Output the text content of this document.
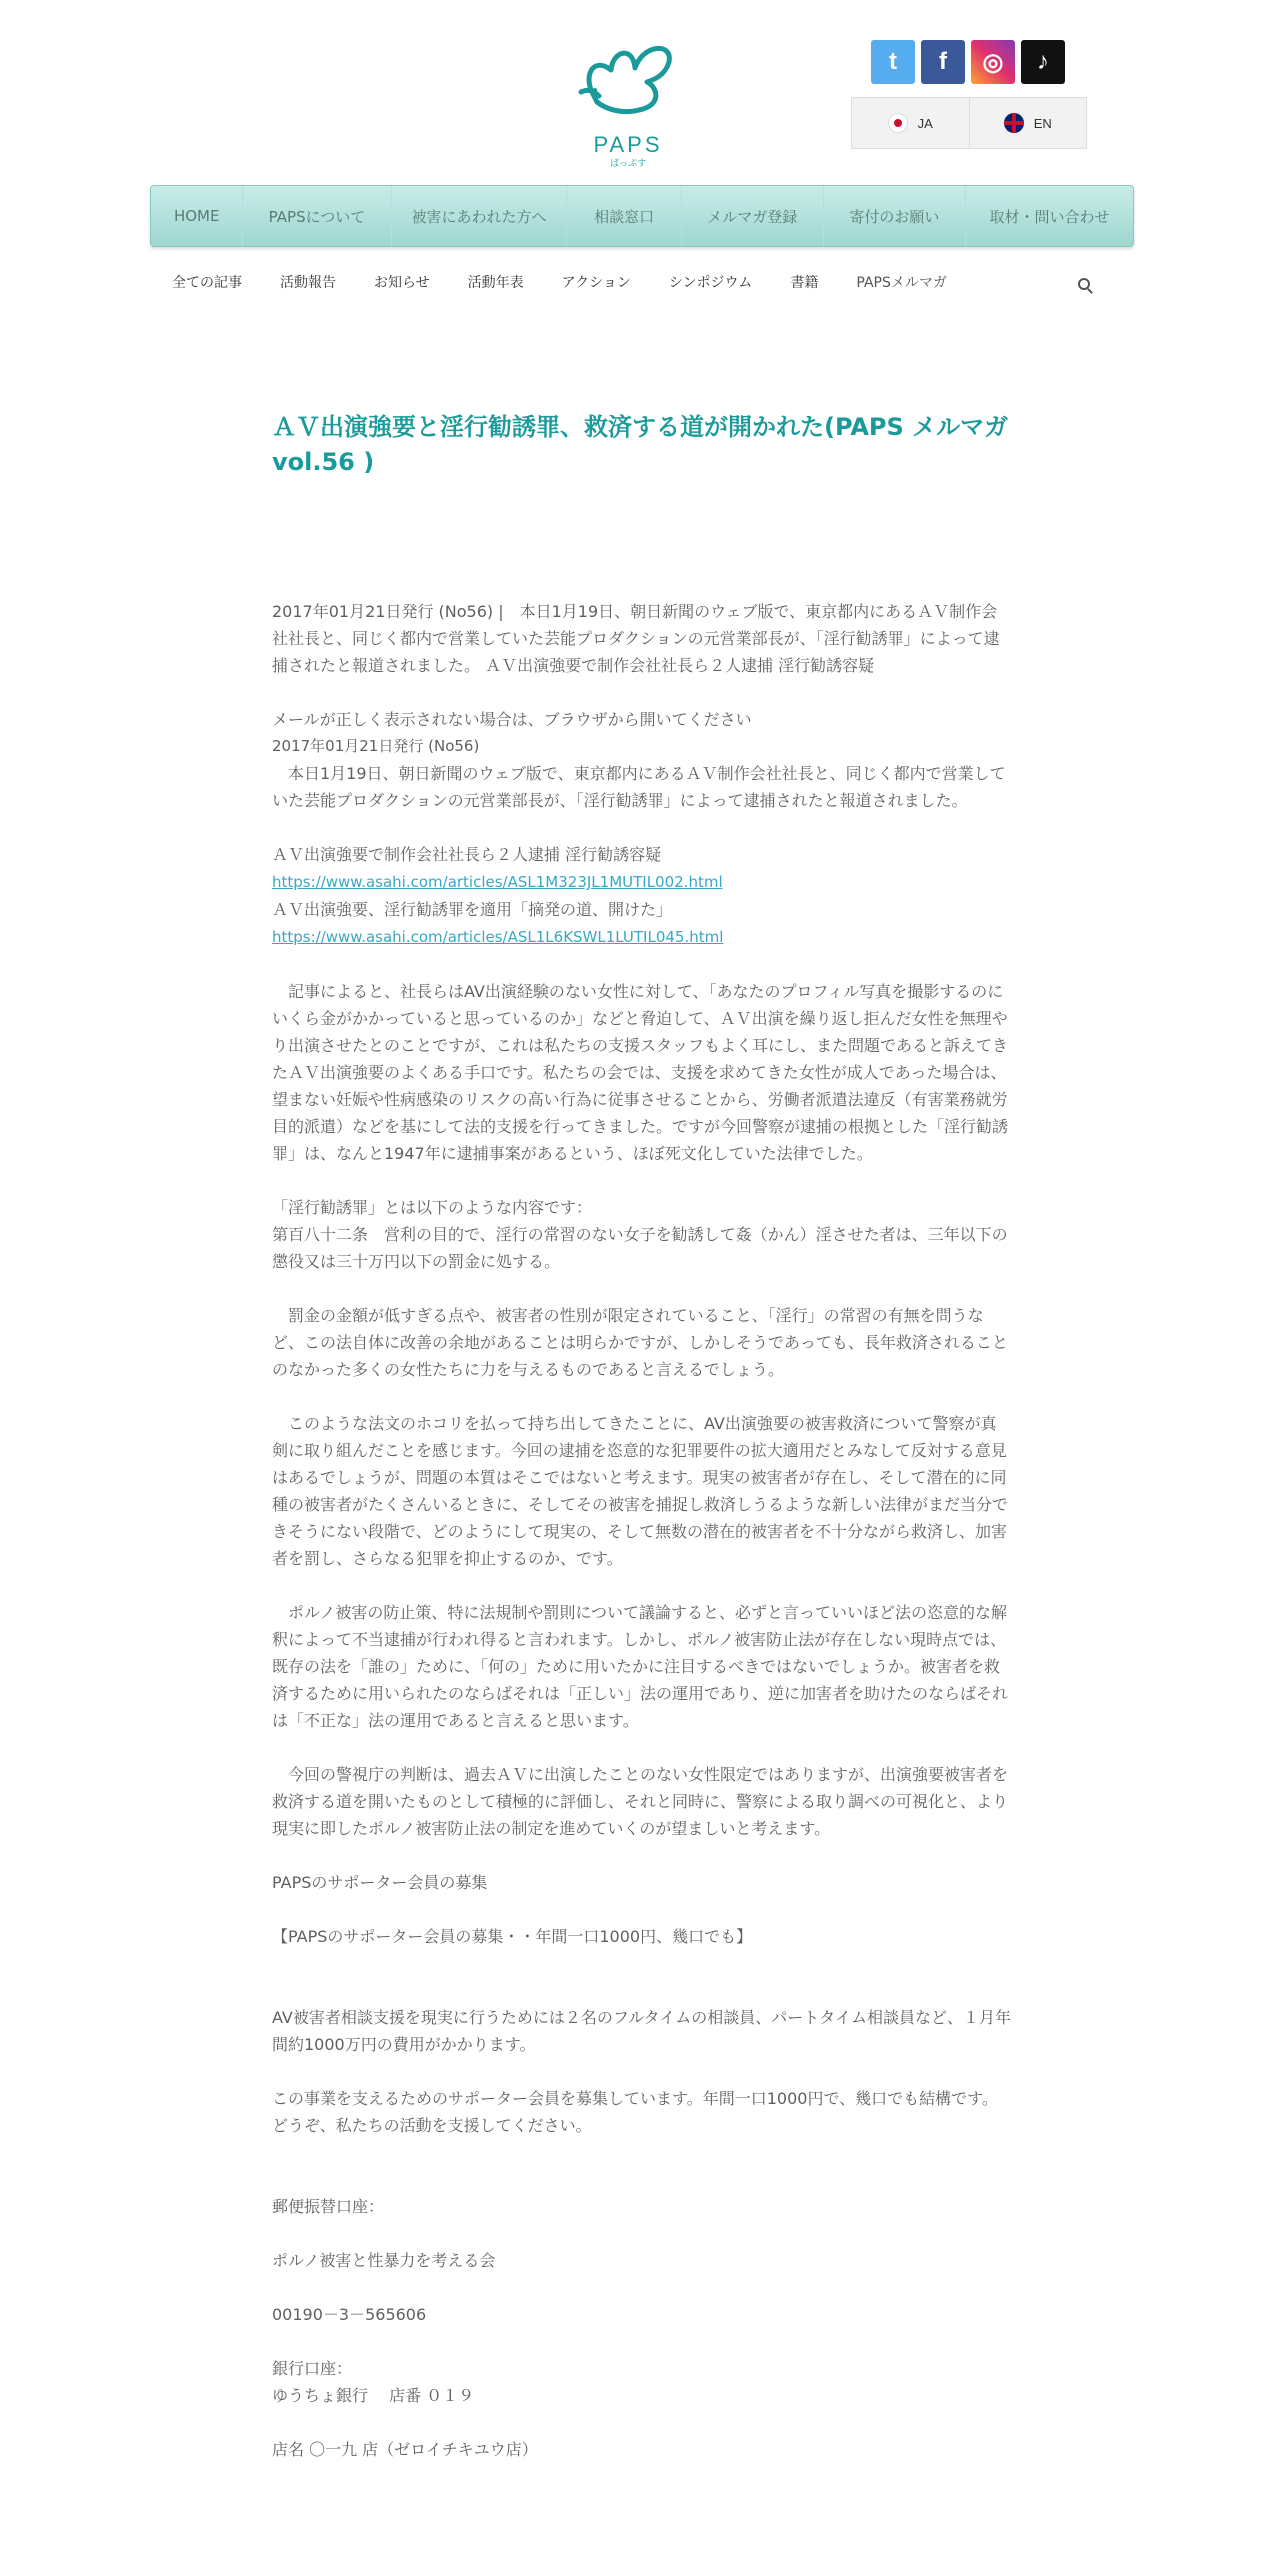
PAPS
ぱっぷす
t	f	◎	♪
JA	EN
HOME	PAPSについて	被害にあわれた方へ	相談窓口	メルマガ登録	寄付のお願い	取材・問い合わせ
全ての記事	活動報告	お知らせ	活動年表	アクション	シンポジウム	書籍	PAPSメルマガ
ＡＶ出演強要と淫行勧誘罪、救済する道が開かれた(PAPS メルマガ vol.56 )

2017年01月21日発行 (No56) |　本日1月19日、朝日新聞のウェブ版で、東京都内にあるＡＶ制作会社社長と、同じく都内で営業していた芸能プロダクションの元営業部長が、「淫行勧誘罪」によって逮捕されたと報道されました。 ＡＶ出演強要で制作会社社長ら２人逮捕 淫行勧誘容疑

メールが正しく表示されない場合は、ブラウザから開いてください

2017年01月21日発行 (No56)

　本日1月19日、朝日新聞のウェブ版で、東京都内にあるＡＶ制作会社社長と、同じく都内で営業していた芸能プロダクションの元営業部長が、「淫行勧誘罪」によって逮捕されたと報道されました。

ＡＶ出演強要で制作会社社長ら２人逮捕 淫行勧誘容疑

https://www.asahi.com/articles/ASL1M323JL1MUTIL002.html

ＡＶ出演強要、淫行勧誘罪を適用「摘発の道、開けた」

https://www.asahi.com/articles/ASL1L6KSWL1LUTIL045.html

　記事によると、社長らはAV出演経験のない女性に対して、「あなたのプロフィル写真を撮影するのにいくら金がかかっていると思っているのか」などと脅迫して、ＡＶ出演を繰り返し拒んだ女性を無理やり出演させたとのことですが、これは私たちの支援スタッフもよく耳にし、また問題であると訴えてきたＡＶ出演強要のよくある手口です。私たちの会では、支援を求めてきた女性が成人であった場合は、望まない妊娠や性病感染のリスクの高い行為に従事させることから、労働者派遣法違反（有害業務就労目的派遣）などを基にして法的支援を行ってきました。ですが今回警察が逮捕の根拠とした「淫行勧誘罪」は、なんと1947年に逮捕事案があるという、ほぼ死文化していた法律でした。

「淫行勧誘罪」とは以下のような内容です：

第百八十二条　営利の目的で、淫行の常習のない女子を勧誘して姦（かん）淫させた者は、三年以下の懲役又は三十万円以下の罰金に処する。

　罰金の金額が低すぎる点や、被害者の性別が限定されていること、「淫行」の常習の有無を問うなど、この法自体に改善の余地があることは明らかですが、しかしそうであっても、長年救済されることのなかった多くの女性たちに力を与えるものであると言えるでしょう。

　このような法文のホコリを払って持ち出してきたことに、AV出演強要の被害救済について警察が真剣に取り組んだことを感じます。今回の逮捕を恣意的な犯罪要件の拡大適用だとみなして反対する意見はあるでしょうが、問題の本質はそこではないと考えます。現実の被害者が存在し、そして潜在的に同種の被害者がたくさんいるときに、そしてその被害を捕捉し救済しうるような新しい法律がまだ当分できそうにない段階で、どのようにして現実の、そして無数の潜在的被害者を不十分ながら救済し、加害者を罰し、さらなる犯罪を抑止するのか、です。

　ポルノ被害の防止策、特に法規制や罰則について議論すると、必ずと言っていいほど法の恣意的な解釈によって不当逮捕が行われ得ると言われます。しかし、ポルノ被害防止法が存在しない現時点では、既存の法を「誰の」ために、「何の」ために用いたかに注目するべきではないでしょうか。被害者を救済するために用いられたのならばそれは「正しい」法の運用であり、逆に加害者を助けたのならばそれは「不正な」法の運用であると言えると思います。

　今回の警視庁の判断は、過去ＡＶに出演したことのない女性限定ではありますが、出演強要被害者を救済する道を開いたものとして積極的に評価し、それと同時に、警察による取り調べの可視化と、より現実に即したポルノ被害防止法の制定を進めていくのが望ましいと考えます。

PAPSのサポーター会員の募集

【PAPSのサポーター会員の募集・・年間一口1000円、幾口でも】

AV被害者相談支援を現実に行うためには２名のフルタイムの相談員、パートタイム相談員など、１月年間約1000万円の費用がかかります。

この事業を支えるためのサポーター会員を募集しています。年間一口1000円で、幾口でも結構です。どうぞ、私たちの活動を支援してください。

郵便振替口座：

ポルノ被害と性暴力を考える会

00190－3－565606

銀行口座：

ゆうちょ銀行　 店番 ０１９

店名 〇一九 店（ゼロイチキユウ店）
